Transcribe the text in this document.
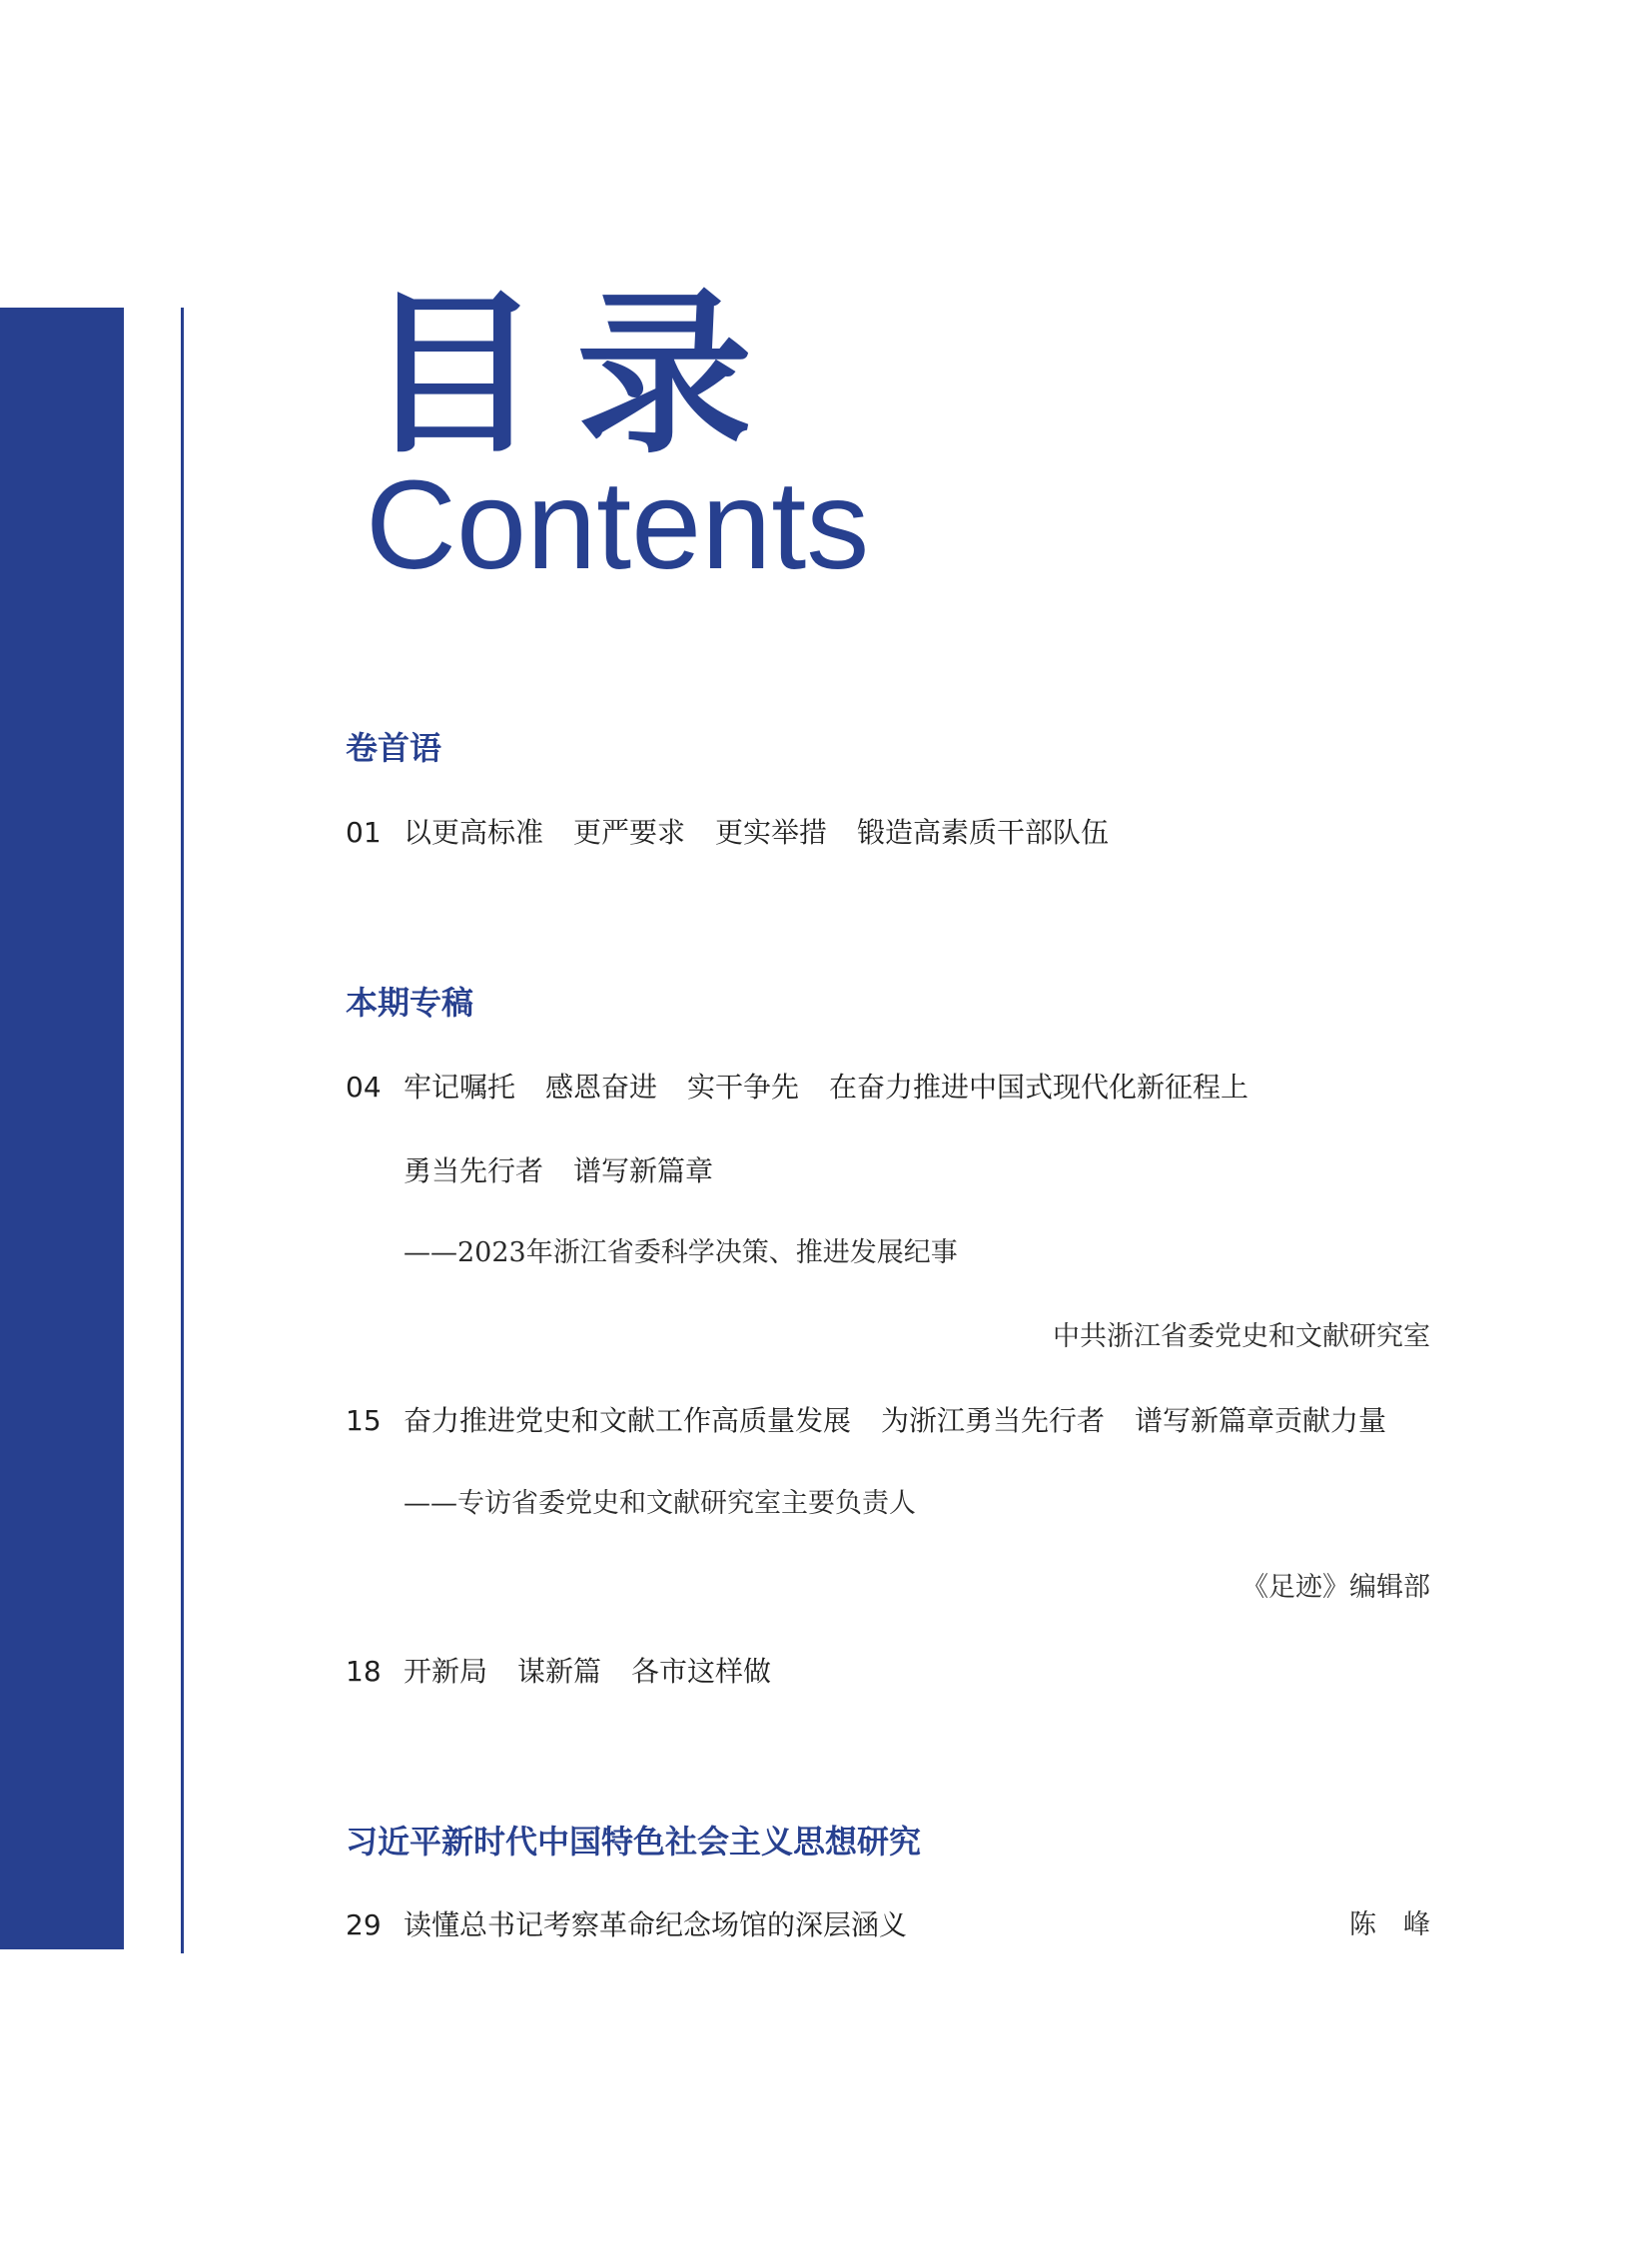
目录
Contents
卷首语
01 以更高标准 更严要求 更实举措 锻造高素质干部队伍
本期专稿
04 牢记嘱托 感恩奋进 实干争先 在奋力推进中国式现代化新征程上
勇当先行者 谱写新篇章
——2023年浙江省委科学决策、推进发展纪事
中共浙江省委党史和文献研究室
15 奋力推进党史和文献工作高质量发展 为浙江勇当先行者 谱写新篇章贡献力量
——专访省委党史和文献研究室主要负责人
《足迹》编辑部
18 开新局 谋新篇 各市这样做
习近平新时代中国特色社会主义思想研究
29 读懂总书记考察革命纪念场馆的深层涵义	陈　峰
